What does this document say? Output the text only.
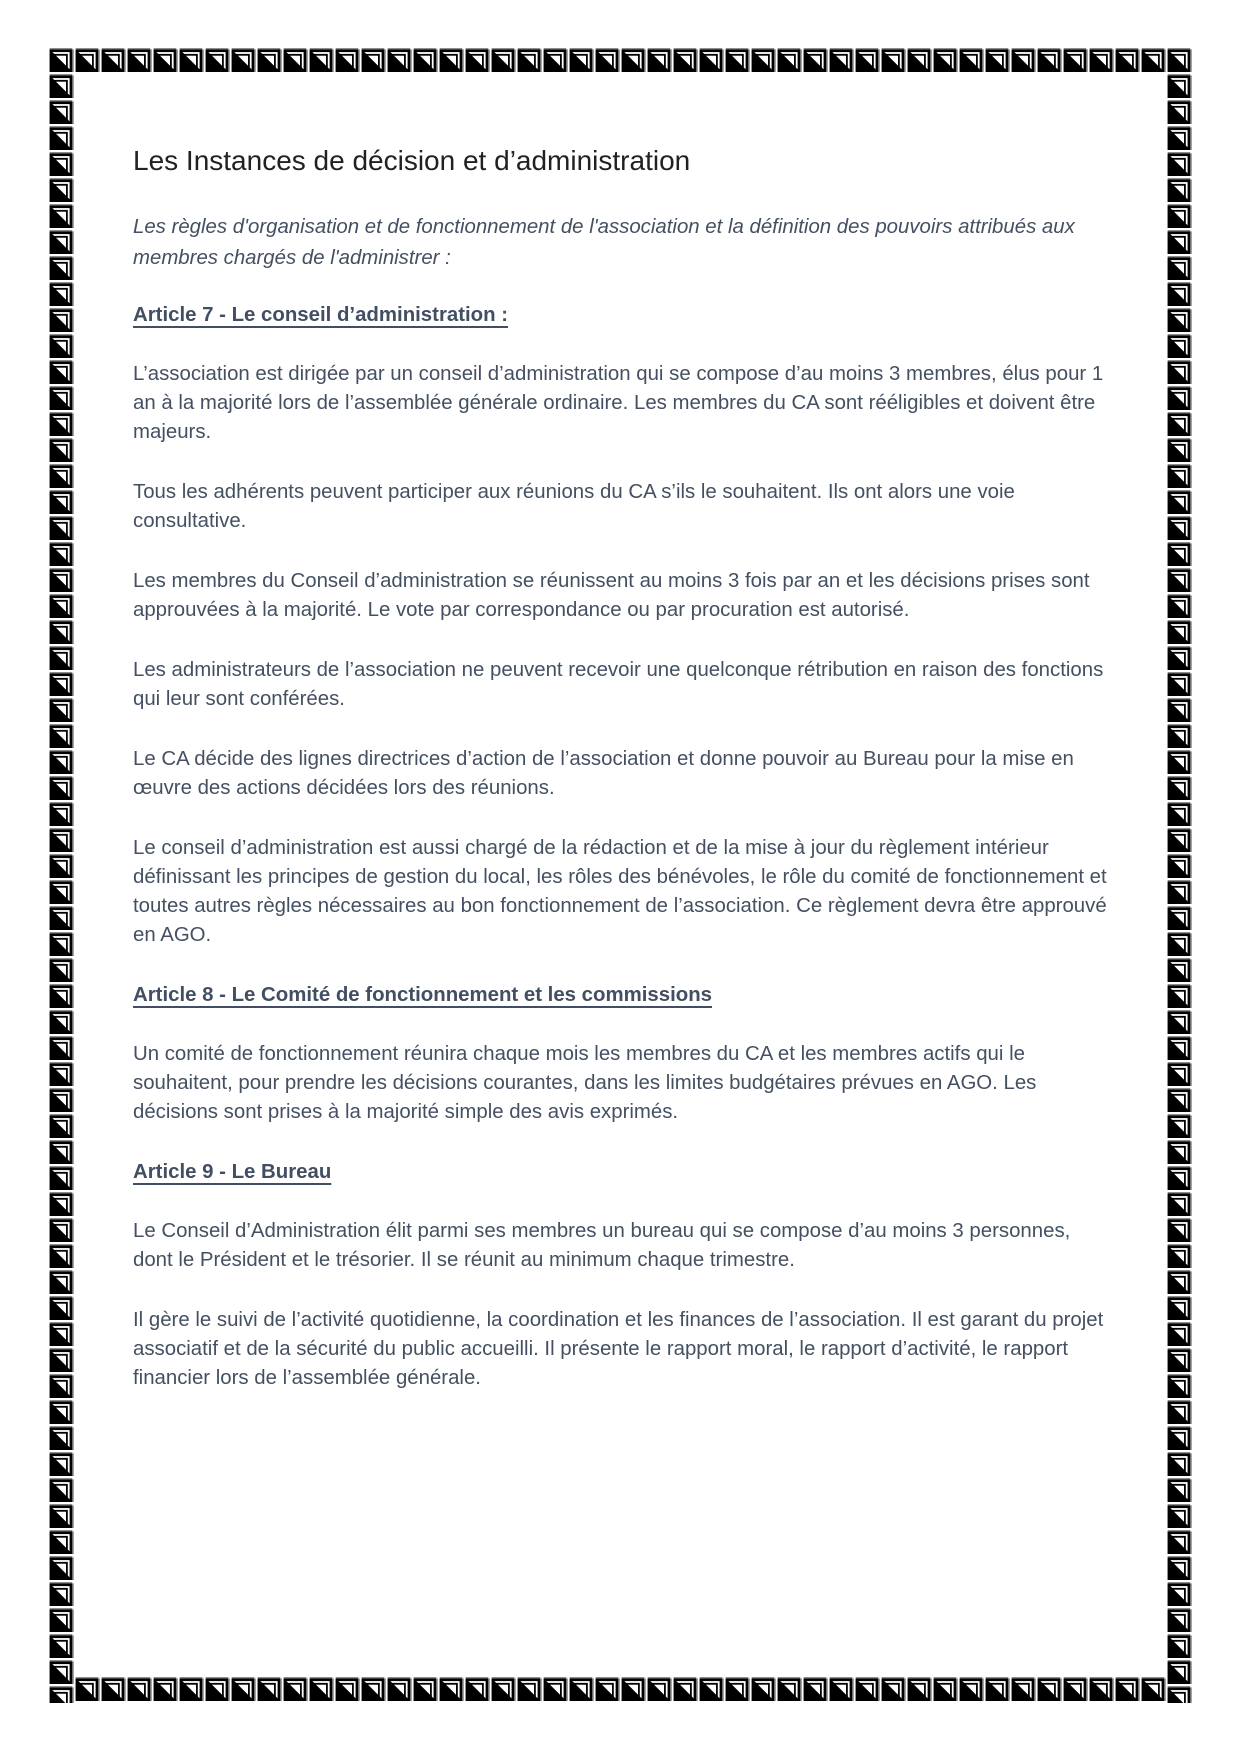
Les Instances de décision et d’administration

Les règles d'organisation et de fonctionnement de l'association et la définition des pouvoirs attribués aux membres chargés de l'administrer :

Article 7 - Le conseil d’administration :

L’association est dirigée par un conseil d’administration qui se compose d’au moins 3 membres, élus pour 1 an à la majorité lors de l’assemblée générale ordinaire. Les membres du CA sont rééligibles et doivent être majeurs.

Tous les adhérents peuvent participer aux réunions du CA s’ils le souhaitent. Ils ont alors une voie consultative.

Les membres du Conseil d’administration se réunissent au moins 3 fois par an et les décisions prises sont approuvées à la majorité. Le vote par correspondance ou par procuration est autorisé.

Les administrateurs de l’association ne peuvent recevoir une quelconque rétribution en raison des fonctions qui leur sont conférées.

Le CA décide des lignes directrices d’action de l’association et donne pouvoir au Bureau pour la mise en œuvre des actions décidées lors des réunions.

Le conseil d’administration est aussi chargé de la rédaction et de la mise à jour du règlement intérieur définissant les principes de gestion du local, les rôles des bénévoles, le rôle du comité de fonctionnement et toutes autres règles nécessaires au bon fonctionnement de l’association. Ce règlement devra être approuvé en AGO.

Article 8 - Le Comité de fonctionnement et les commissions

Un comité de fonctionnement réunira chaque mois les membres du CA et les membres actifs qui le souhaitent, pour prendre les décisions courantes, dans les limites budgétaires prévues en AGO. Les décisions sont prises à la majorité simple des avis exprimés.

Article 9 - Le Bureau

Le Conseil d’Administration élit parmi ses membres un bureau qui se compose d’au moins 3 personnes, dont le Président et le trésorier. Il se réunit au minimum chaque trimestre.

Il gère le suivi de l’activité quotidienne, la coordination et les finances de l’association. Il est garant du projet associatif et de la sécurité du public accueilli. Il présente le rapport moral, le rapport d’activité, le rapport financier lors de l’assemblée générale.
